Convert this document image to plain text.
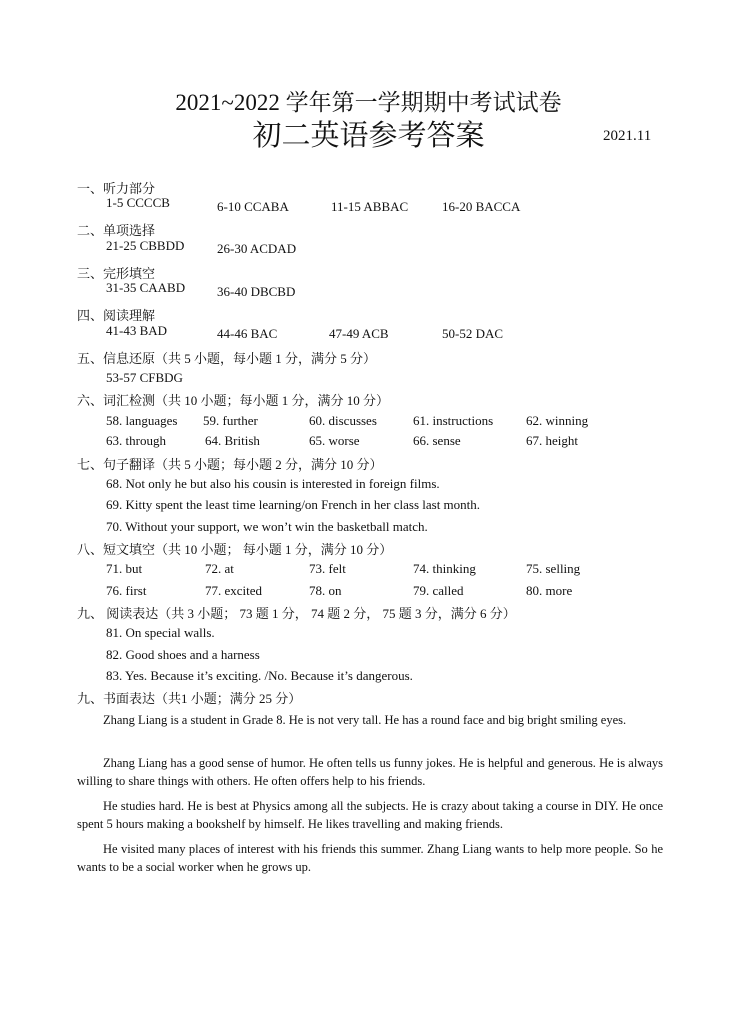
2021~2022 学年第一学期期中考试试卷
初二英语参考答案	2021.11
一、听力部分
1-5 CCCCB	6-10 CCABA	11-15 ABBAC	16-20 BACCA
二、单项选择
21-25 CBBDD	26-30 ACDAD
三、完形填空
31-35 CAABD 36-40 DBCBD
四、阅读理解
41-43 BAD	44-46 BAC	47-49 ACB	50-52 DAC
五、信息还原（共 5 小题，每小题 1 分，满分 5 分）
53-57 CFBDG
六、词汇检测（共 10 小题；每小题 1 分，满分 10 分）
58. languages 59. further	60. discusses	61. instructions	62. winning
63. through	64. British	65. worse	66. sense	67. height
七、句子翻译（共 5 小题；每小题 2 分，满分 10 分）
68. Not only he but also his cousin is interested in foreign films.
69. Kitty spent the least time learning/on French in her class last month.
70. Without your support, we won’t win the basketball match.
八、短文填空（共 10 小题； 每小题 1 分，满分 10 分）
71. but	72. at	73. felt	74. thinking	75. selling
76. first	77. excited	78. on	79. called	80. more
九、 阅读表达（共 3 小题； 73 题 1 分， 74 题 2 分， 75 题 3 分，满分 6 分）
81. On special walls.
82. Good shoes and a harness
83. Yes. Because it’s exciting. /No. Because it’s dangerous.
九、书面表达（共1 小题；满分 25 分）
Zhang Liang is a student in Grade 8. He is not very tall. He has a round face and big bright smiling eyes.
Zhang Liang has a good sense of humor. He often tells us funny jokes. He is helpful and generous. He is always willing to share things with others. He often offers help to his friends.
He studies hard. He is best at Physics among all the subjects. He is crazy about taking a course in DIY. He once spent 5 hours making a bookshelf by himself. He likes travelling and making friends.
He visited many places of interest with his friends this summer. Zhang Liang wants to help more people. So he wants to be a social worker when he grows up.
